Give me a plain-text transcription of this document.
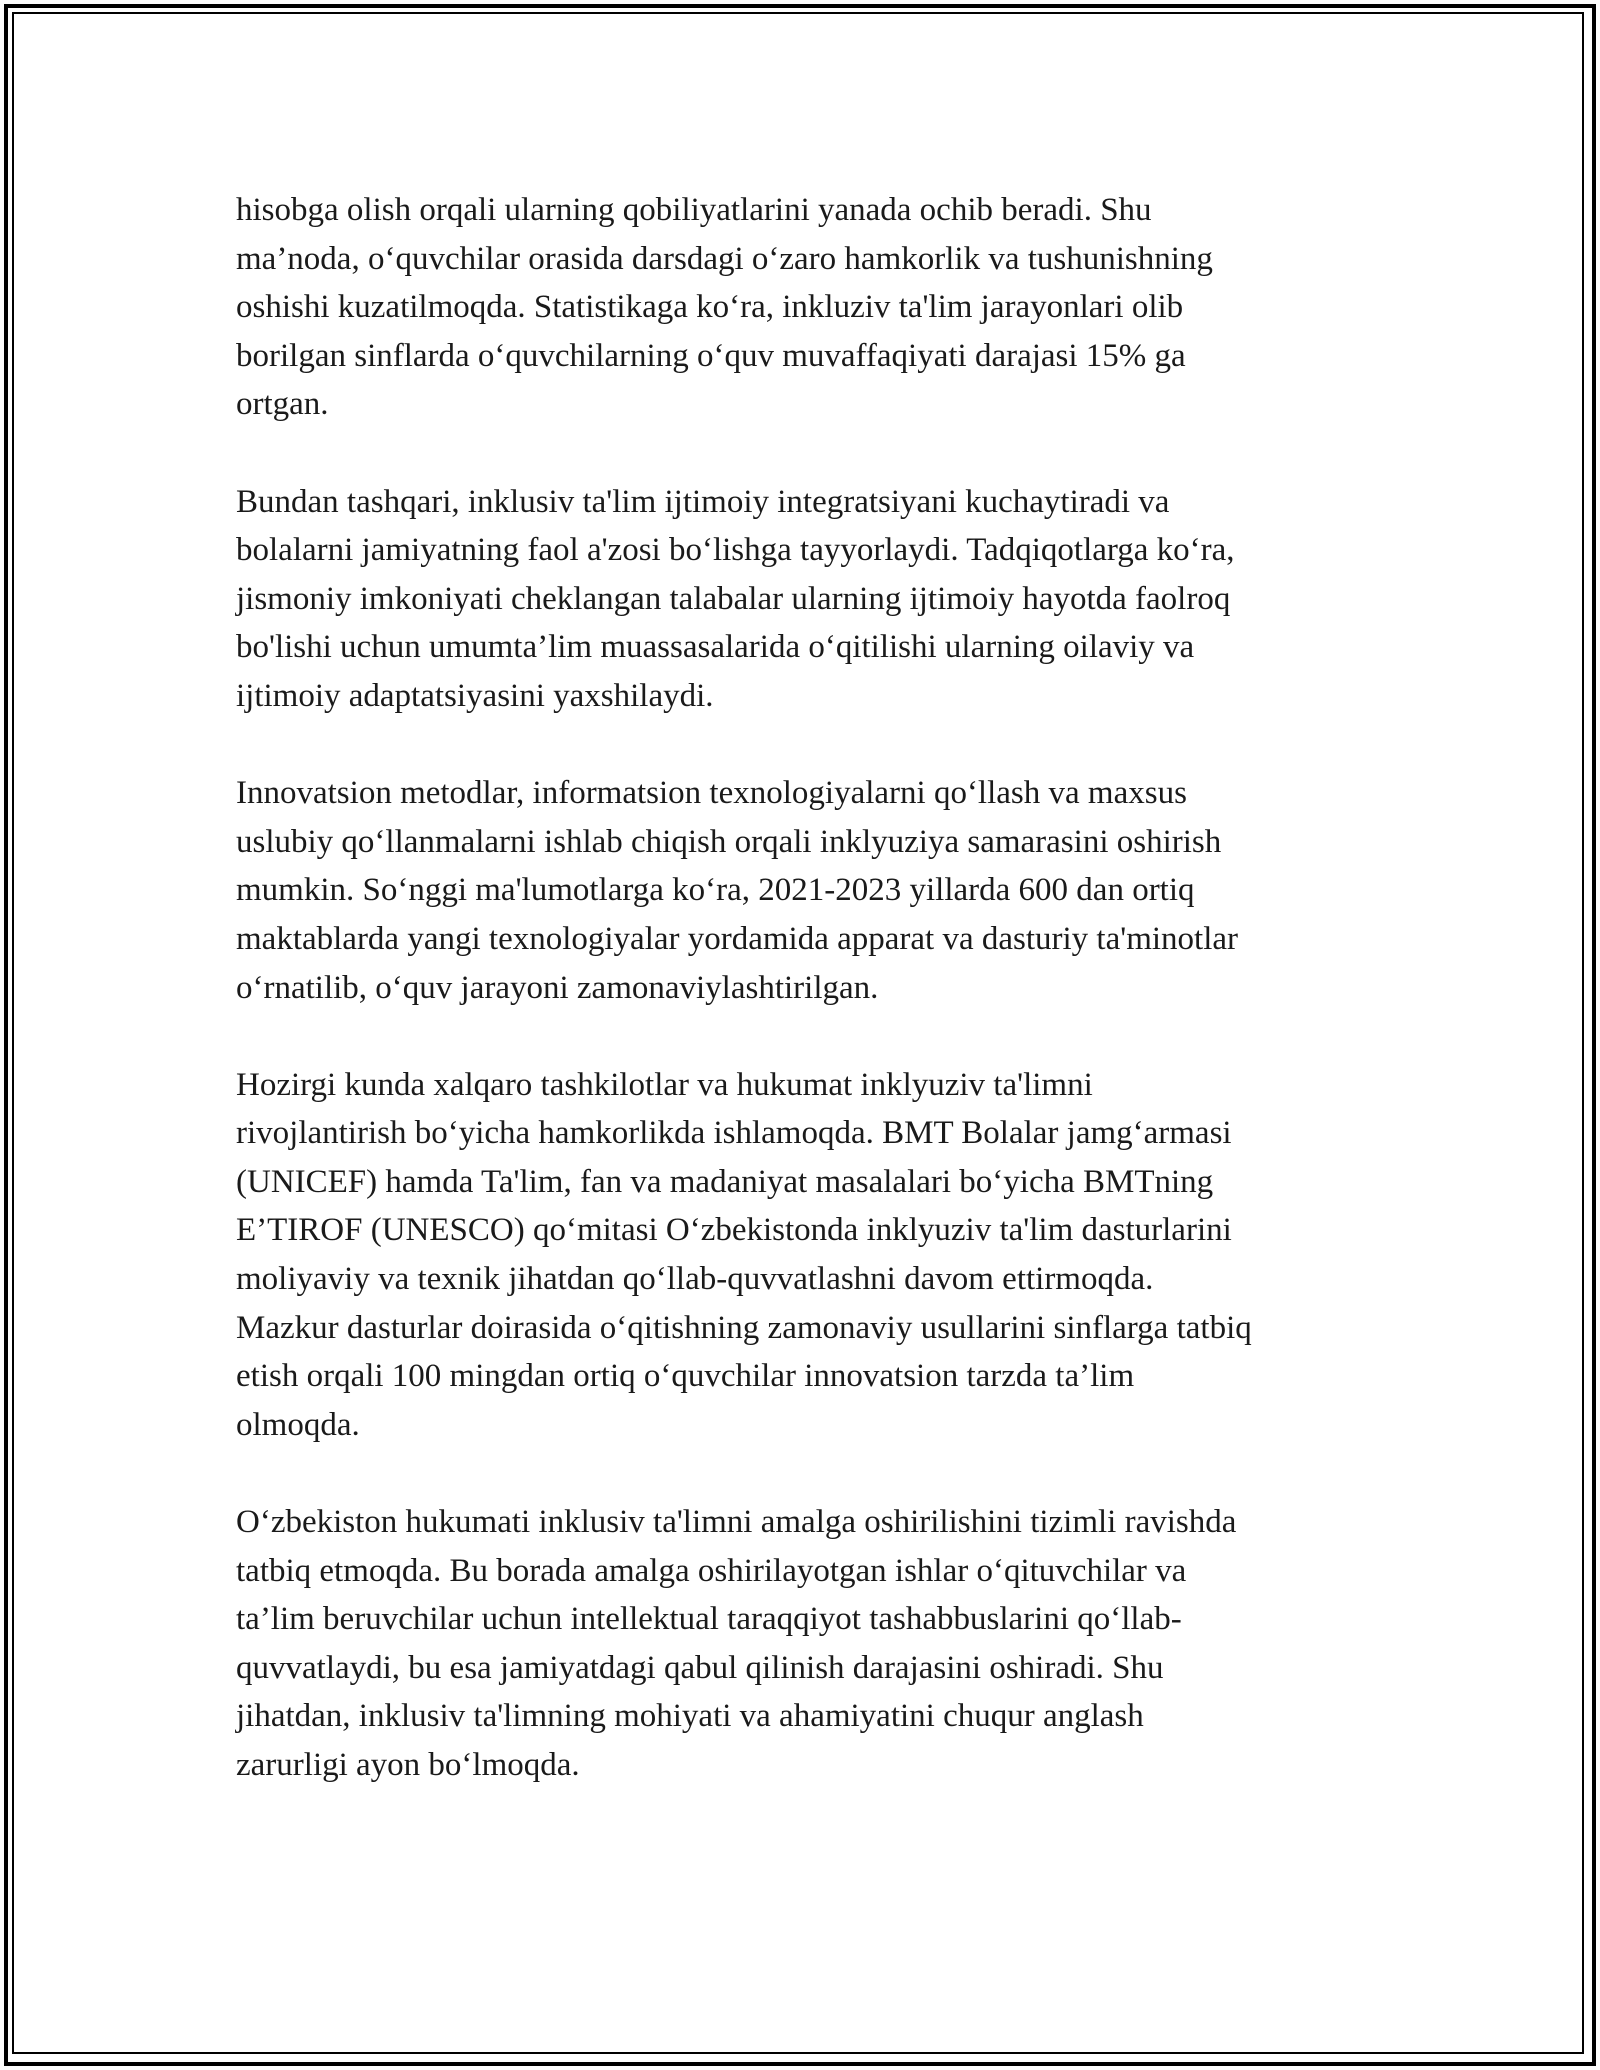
hisobga olish orqali ularning qobiliyatlarini yanada ochib beradi. Shu
ma’noda, o‘quvchilar orasida darsdagi o‘zaro hamkorlik va tushunishning
oshishi kuzatilmoqda. Statistikaga ko‘ra, inkluziv ta'lim jarayonlari olib
borilgan sinflarda o‘quvchilarning o‘quv muvaffaqiyati darajasi 15% ga
ortgan.

Bundan tashqari, inklusiv ta'lim ijtimoiy integratsiyani kuchaytiradi va
bolalarni jamiyatning faol a'zosi bo‘lishga tayyorlaydi. Tadqiqotlarga ko‘ra,
jismoniy imkoniyati cheklangan talabalar ularning ijtimoiy hayotda faolroq
bo'lishi uchun umumta’lim muassasalarida o‘qitilishi ularning oilaviy va
ijtimoiy adaptatsiyasini yaxshilaydi.

Innovatsion metodlar, informatsion texnologiyalarni qo‘llash va maxsus
uslubiy qo‘llanmalarni ishlab chiqish orqali inklyuziya samarasini oshirish
mumkin. So‘nggi ma'lumotlarga ko‘ra, 2021-2023 yillarda 600 dan ortiq
maktablarda yangi texnologiyalar yordamida apparat va dasturiy ta'minotlar
o‘rnatilib, o‘quv jarayoni zamonaviylashtirilgan.

Hozirgi kunda xalqaro tashkilotlar va hukumat inklyuziv ta'limni
rivojlantirish bo‘yicha hamkorlikda ishlamoqda. BMT Bolalar jamg‘armasi
(UNICEF) hamda Ta'lim, fan va madaniyat masalalari bo‘yicha BMTning
E’TIROF (UNESCO) qo‘mitasi O‘zbekistonda inklyuziv ta'lim dasturlarini
moliyaviy va texnik jihatdan qo‘llab-quvvatlashni davom ettirmoqda.
Mazkur dasturlar doirasida o‘qitishning zamonaviy usullarini sinflarga tatbiq
etish orqali 100 mingdan ortiq o‘quvchilar innovatsion tarzda ta’lim
olmoqda.

O‘zbekiston hukumati inklusiv ta'limni amalga oshirilishini tizimli ravishda
tatbiq etmoqda. Bu borada amalga oshirilayotgan ishlar o‘qituvchilar va
ta’lim beruvchilar uchun intellektual taraqqiyot tashabbuslarini qo‘llab-
quvvatlaydi, bu esa jamiyatdagi qabul qilinish darajasini oshiradi. Shu
jihatdan, inklusiv ta'limning mohiyati va ahamiyatini chuqur anglash
zarurligi ayon bo‘lmoqda.
